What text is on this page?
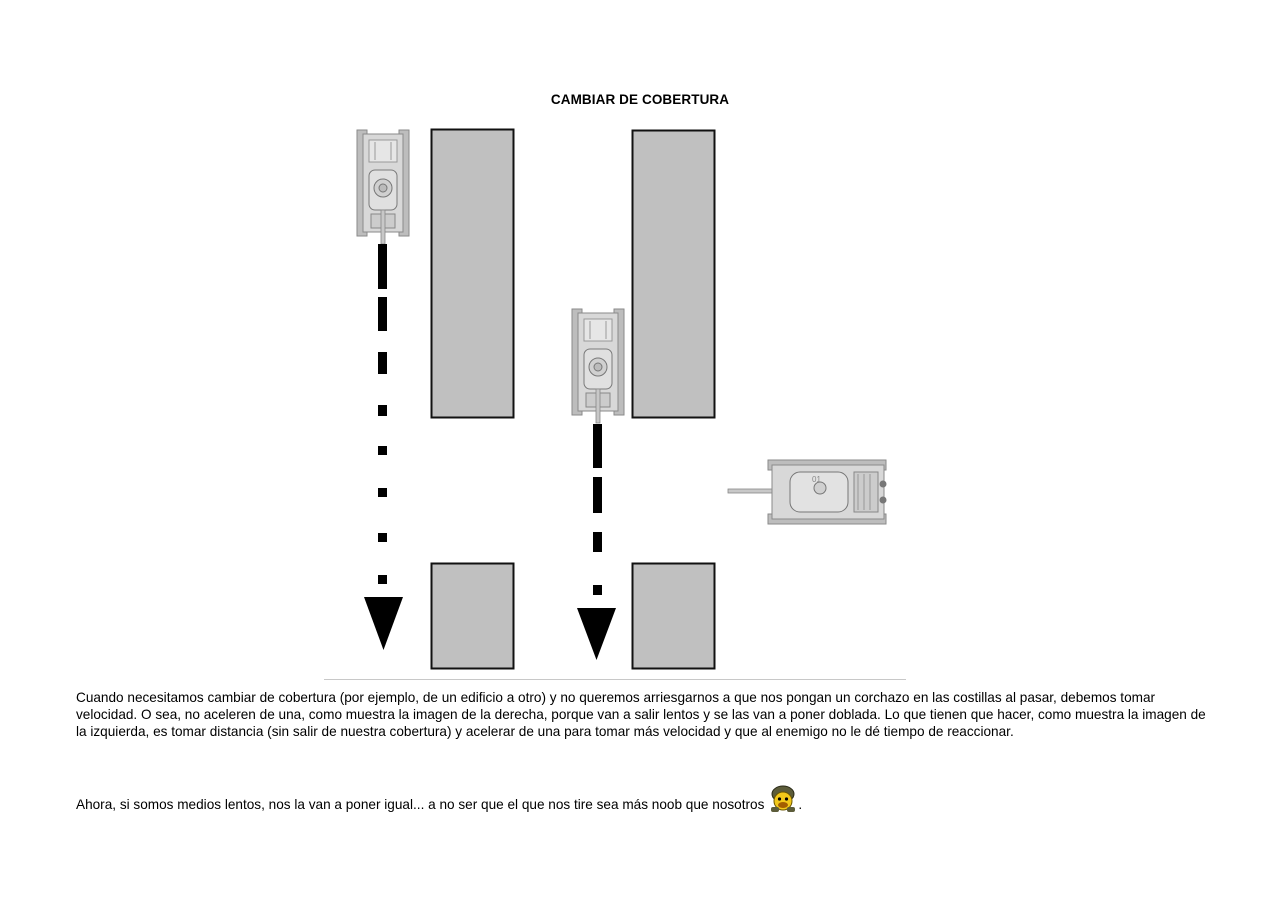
CAMBIAR DE COBERTURA
01

Cuando necesitamos cambiar de cobertura (por ejemplo, de un edificio a otro) y no queremos arriesgarnos a que nos pongan un corchazo en las costillas al pasar, debemos tomar velocidad. O sea, no aceleren de una, como muestra la imagen de la derecha, porque van a salir lentos y se las van a poner doblada. Lo que tienen que hacer, como muestra la imagen de la izquierda, es tomar distancia (sin salir de nuestra cobertura) y acelerar de una para tomar más velocidad y que al enemigo no le dé tiempo de reaccionar.

Ahora, si somos medios lentos, nos la van a poner igual... a no ser que el que nos tire sea más noob que nosotros	.
